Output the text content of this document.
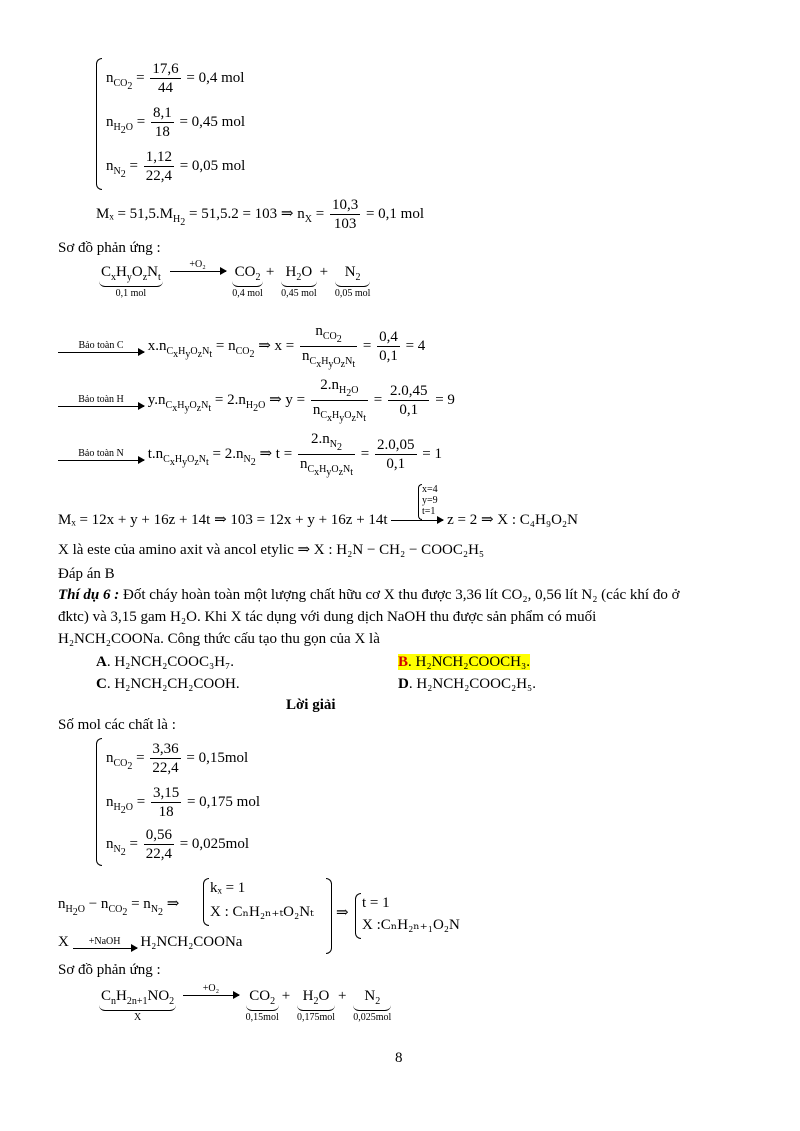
$n_{CO_2} = \frac{17,6}{44} = 0,4$ mol
$n_{H_2O} = \frac{8,1}{18} = 0,45$ mol
$n_{N_2} = \frac{1,12}{22,4} = 0,05$ mol
$M_x = 51,5.M_{H_2} = 51,5.2 = 103$ ⇒ $n_X = \frac{10,3}{103} = 0,1$ mol
Sơ đồ phản ứng :
$C_xH_yO_zN_t$
0,1 mol

+O₂
	$CO_2$
0,4 mol
+ $H_2O$
0,45 mol
+ $N_2$
0,05 mol
Bảo toàn C	$x.n_{C_xH_yO_zN_t} = n_{CO_2}$ ⇒ $x = \frac{n_{CO_2}}{n_{C_xH_yO_zN_t}} = \frac{0,4}{0,1} = 4$
Bảo toàn H	$y.n_{C_xH_yO_zN_t} = 2.n_{H_2O}$ ⇒ $y = \frac{2.n_{H_2O}}{n_{C_xH_yO_zN_t}} = \frac{2.0,45}{0,1} = 9$
Bảo toàn N	$t.n_{C_xH_yO_zN_t} = 2.n_{N_2}$ ⇒ $t = \frac{2.n_{N_2}}{n_{C_xH_yO_zN_t}} = \frac{2.0,05}{0,1} = 1$
Mₓ = 12x + y + 16z + 14t ⇒ 103 = 12x + y + 16z + 14t	z = 2 ⇒ X : C₄H₉O₂N
x=4
y=9
t=1
X là este của amino axit và ancol etylic ⇒ X : H₂N − CH₂ − COOC₂H₅
Đáp án B
Thí dụ 6 : Đốt cháy hoàn toàn một lượng chất hữu cơ X thu được 3,36 lít CO₂, 0,56 lít N₂ (các khí đo ở
đktc) và 3,15 gam H₂O. Khi X tác dụng với dung dịch NaOH thu được sản phẩm có muối
H₂NCH₂COONa. Công thức cấu tạo thu gọn của X là
A. H₂NCH₂COOC₃H₇.	B. H₂NCH₂COOCH₃.
C. H₂NCH₂CH₂COOH.	D. H₂NCH₂COOC₂H₅.
Lời giải
Số mol các chất là :
$n_{CO_2} = \frac{3,36}{22,4} = 0,15mol$
$n_{H_2O} = \frac{3,15}{18} = 0,175$ mol
$n_{N_2} = \frac{0,56}{22,4} = 0,025mol$
$n_{H_2O} - n_{CO_2} = n_{N_2}$ ⇒
kₓ = 1
X : CₙH₂ₙ₊ₜO₂Nₜ ⇒
t = 1
X :CₙH₂ₙ₊₁O₂N
X	+NaOH	H₂NCH₂COONa
Sơ đồ phản ứng :
$C_nH_{2n+1}NO_2$
X

+O₂
	$CO_2$
0,15mol
+ $H_2O$
0,175mol
+ $N_2$
0,025mol
8
